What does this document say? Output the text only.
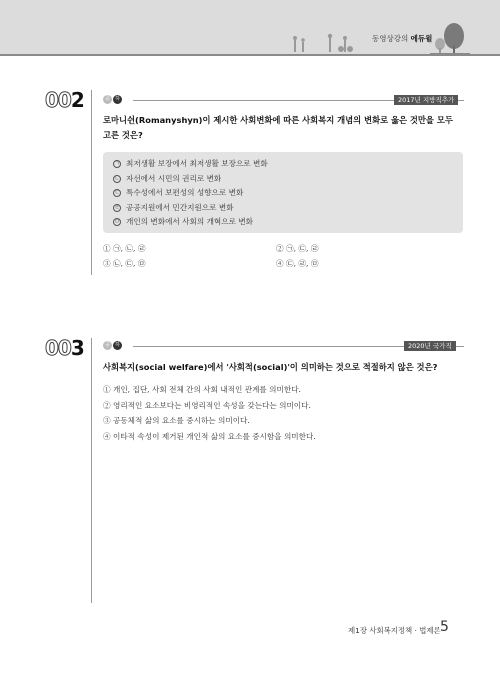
동영상강의 에듀윌
002	중	하	2017년 지방직추가
로마니쉰(Romanyshyn)이 제시한 사회변화에 따른 사회복지 개념의 변화로 옳은 것만을 모두 고른 것은?
ㄱ 최저생활 보장에서 최저생활 보장으로 변화
ㄴ 자선에서 시민의 권리로 변화
ㄷ 특수성에서 보편성의 성향으로 변화
ㄹ 공공지원에서 민간지원으로 변화
ㅁ 개인의 변화에서 사회의 개혁으로 변화
① ㉠, ㉡, ㉣	② ㉠, ㉢, ㉣
③ ㉡, ㉢, ㉤	④ ㉢, ㉣, ㉤
003	중	하	2020년 국가직
사회복지(social welfare)에서 '사회적(social)'이 의미하는 것으로 적절하지 않은 것은?
① 개인, 집단, 사회 전체 간의 사회 내적인 관계를 의미한다.
② 영리적인 요소보다는 비영리적인 속성을 갖는다는 의미이다.
③ 공동체적 삶의 요소를 중시하는 의미이다.
④ 이타적 속성이 제거된 개인적 삶의 요소를 중시함을 의미한다.
제1장 사회복지정책 · 법제론 5
